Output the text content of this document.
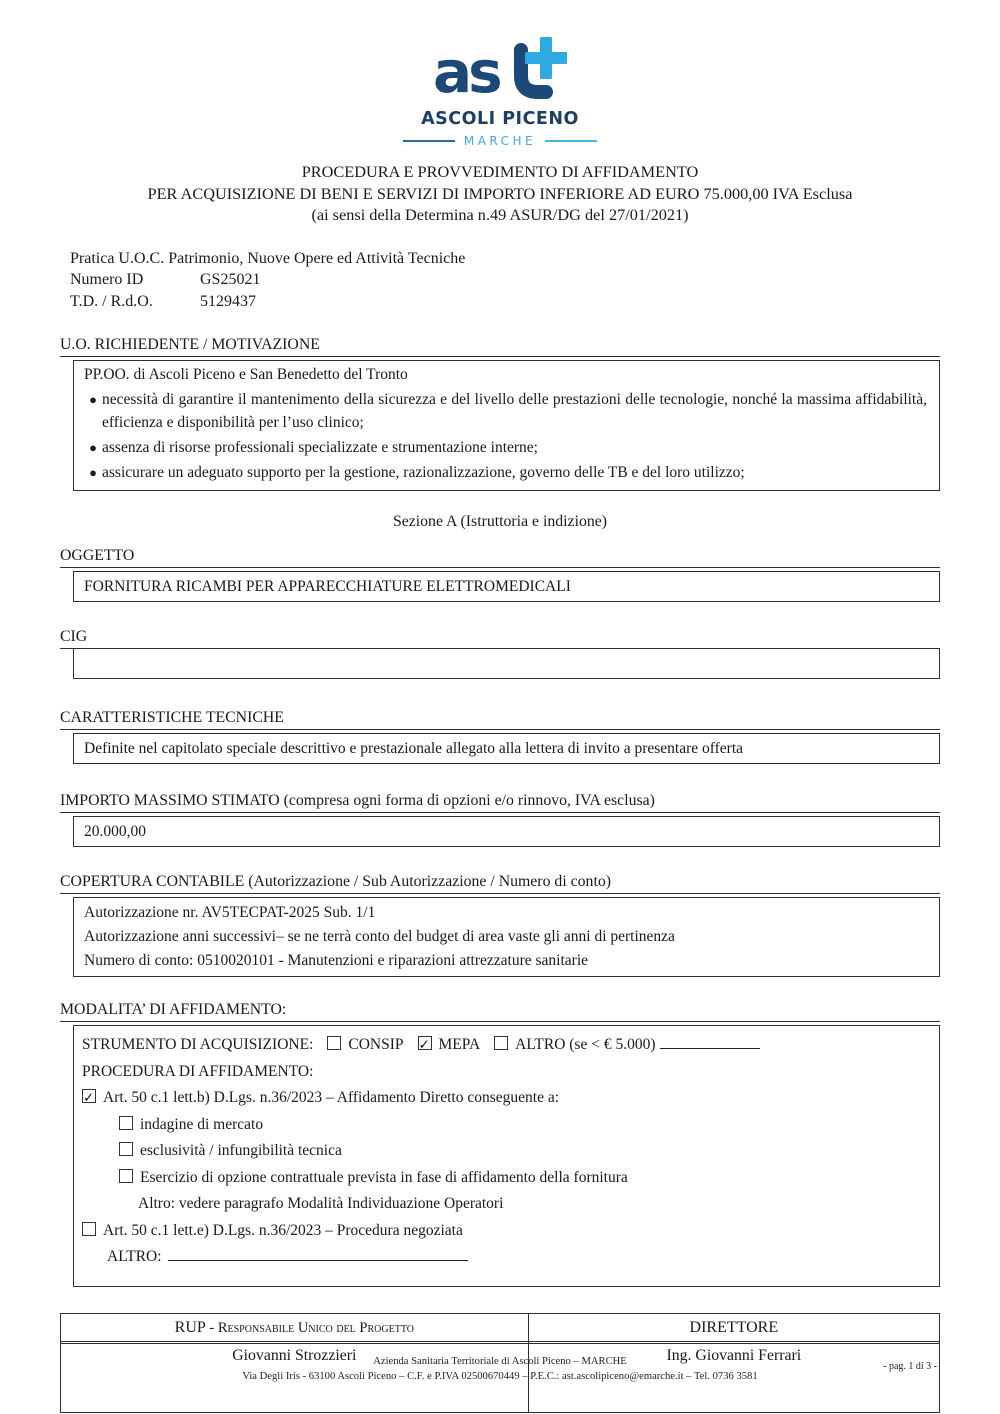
as
ASCOLI PICENO
MARCHE
PROCEDURA E PROVVEDIMENTO DI AFFIDAMENTO
PER ACQUISIZIONE DI BENI E SERVIZI DI IMPORTO INFERIORE AD EURO 75.000,00 IVA Esclusa
(ai sensi della Determina n.49 ASUR/DG del 27/01/2021)
Pratica U.O.C. Patrimonio, Nuove Opere ed Attività Tecniche
Numero ID	GS25021
T.D. / R.d.O.	5129437
U.O. RICHIEDENTE / MOTIVAZIONE
PP.OO. di Ascoli Piceno e San Benedetto del Tronto
● necessità di garantire il mantenimento della sicurezza e del livello delle prestazioni delle tecnologie, nonché la massima affidabilità, efficienza e disponibilità per l’uso clinico;
● assenza di risorse professionali specializzate e strumentazione interne;
● assicurare un adeguato supporto per la gestione, razionalizzazione, governo delle TB e del loro utilizzo;
Sezione A (Istruttoria e indizione)
OGGETTO
FORNITURA RICAMBI PER APPARECCHIATURE ELETTROMEDICALI
CIG
CARATTERISTICHE TECNICHE
Definite nel capitolato speciale descrittivo e prestazionale allegato alla lettera di invito a presentare offerta
IMPORTO MASSIMO STIMATO (compresa ogni forma di opzioni e/o rinnovo, IVA esclusa)
20.000,00
COPERTURA CONTABILE (Autorizzazione / Sub Autorizzazione / Numero di conto)
Autorizzazione nr. AV5TECPAT-2025 Sub. 1/1
Autorizzazione anni successivi– se ne terrà conto del budget di area vaste gli anni di pertinenza
Numero di conto: 0510020101 - Manutenzioni e riparazioni attrezzature sanitarie
MODALITA’ DI AFFIDAMENTO:
STRUMENTO DI ACQUISIZIONE:	CONSIP ✓	MEPA	ALTRO (se < € 5.000)
PROCEDURA DI AFFIDAMENTO:
✓Art. 50 c.1 lett.b) D.Lgs. n.36/2023 – Affidamento Diretto conseguente a:
indagine di mercato
esclusività / infungibilità tecnica
Esercizio di opzione contrattuale prevista in fase di affidamento della fornitura
Altro: vedere paragrafo Modalità Individuazione Operatori
Art. 50 c.1 lett.e) D.Lgs. n.36/2023 – Procedura negoziata
ALTRO:
RUP - Responsabile Unico del Progetto	DIRETTORE
Giovanni Strozzieri	Ing. Giovanni Ferrari
Azienda Sanitaria Territoriale di Ascoli Piceno – MARCHE
Via Degli Iris - 63100 Ascoli Piceno – C.F. e P.IVA 02500670449 – P.E.C.: ast.ascolipiceno@emarche.it – Tel. 0736 3581
- pag. 1 di 3 -
